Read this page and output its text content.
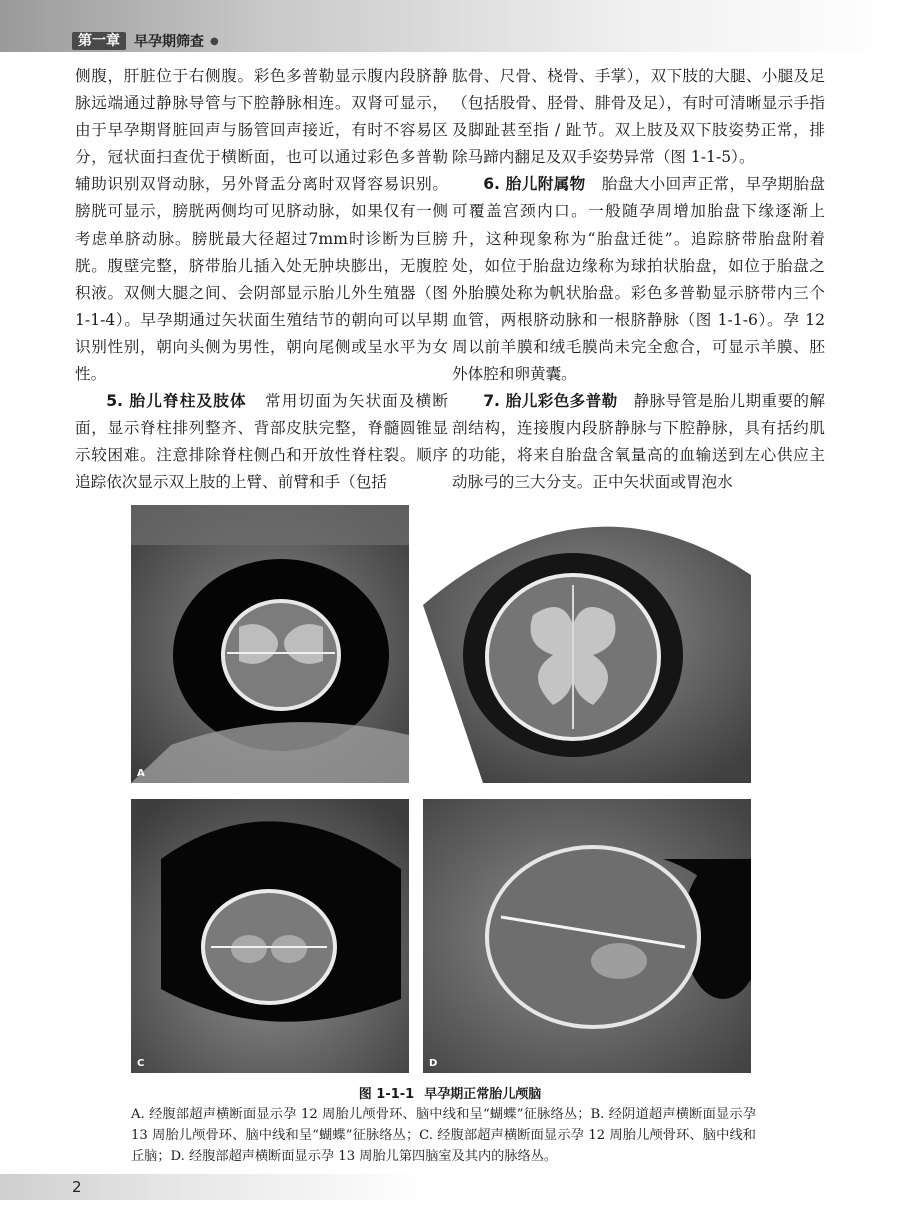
第一章	早孕期筛查 ●

侧腹，肝脏位于右侧腹。彩色多普勒显示腹内段脐静脉远端通过静脉导管与下腔静脉相连。双肾可显示，由于早孕期肾脏回声与肠管回声接近，有时不容易区分，冠状面扫查优于横断面，也可以通过彩色多普勒辅助识别双肾动脉，另外肾盂分离时双肾容易识别。膀胱可显示，膀胱两侧均可见脐动脉，如果仅有一侧考虑单脐动脉。膀胱最大径超过7mm时诊断为巨膀胱。腹壁完整，脐带胎儿插入处无肿块膨出，无腹腔积液。双侧大腿之间、会阴部显示胎儿外生殖器（图 1-1-4）。早孕期通过矢状面生殖结节的朝向可以早期识别性别，朝向头侧为男性，朝向尾侧或呈水平为女性。

5. 胎儿脊柱及肢体 常用切面为矢状面及横断面，显示脊柱排列整齐、背部皮肤完整，脊髓圆锥显示较困难。注意排除脊柱侧凸和开放性脊柱裂。顺序追踪依次显示双上肢的上臂、前臂和手（包括

肱骨、尺骨、桡骨、手掌），双下肢的大腿、小腿及足（包括股骨、胫骨、腓骨及足），有时可清晰显示手指及脚趾甚至指 / 趾节。双上肢及双下肢姿势正常，排除马蹄内翻足及双手姿势异常（图 1-1-5）。

6. 胎儿附属物 胎盘大小回声正常，早孕期胎盘可覆盖宫颈内口。一般随孕周增加胎盘下缘逐渐上升，这种现象称为“胎盘迁徙”。追踪脐带胎盘附着处，如位于胎盘边缘称为球拍状胎盘，如位于胎盘之外胎膜处称为帆状胎盘。彩色多普勒显示脐带内三个血管，两根脐动脉和一根脐静脉（图 1-1-6）。孕 12 周以前羊膜和绒毛膜尚未完全愈合，可显示羊膜、胚外体腔和卵黄囊。

7. 胎儿彩色多普勒 静脉导管是胎儿期重要的解剖结构，连接腹内段脐静脉与下腔静脉，具有括约肌的功能，将来自胎盘含氧量高的血输送到左心供应主动脉弓的三大分支。正中矢状面或胃泡水

A	B
C	D
图 1-1-1 早孕期正常胎儿颅脑
A. 经腹部超声横断面显示孕 12 周胎儿颅骨环、脑中线和呈“蝴蝶”征脉络丛；B. 经阴道超声横断面显示孕 13 周胎儿颅骨环、脑中线和呈“蝴蝶”征脉络丛；C. 经腹部超声横断面显示孕 12 周胎儿颅骨环、脑中线和丘脑；D. 经腹部超声横断面显示孕 13 周胎儿第四脑室及其内的脉络丛。
2
